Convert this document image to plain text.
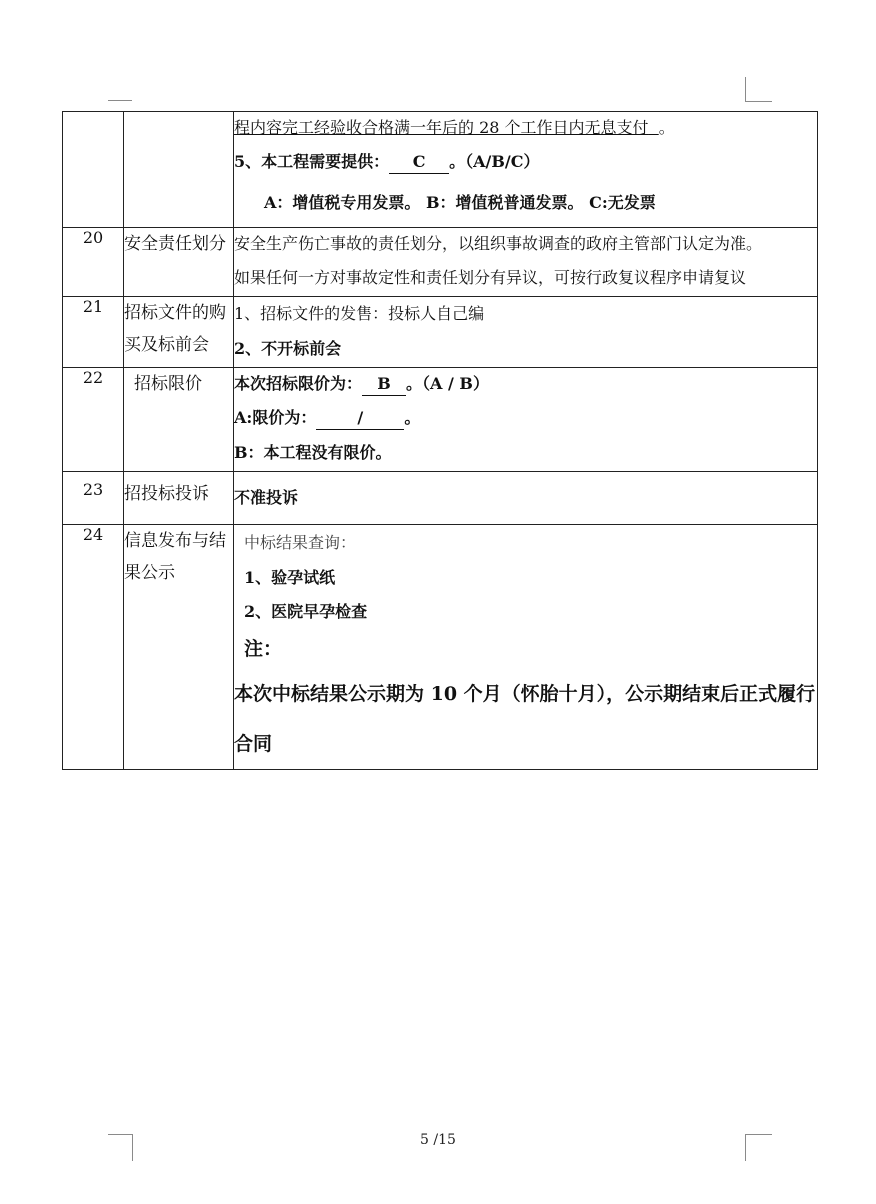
		程内容完工经验收合格满一年后的 28 个工作日内无息支付 。
5、本工程需要提供： C 。（A/B/C）
A：增值税专用发票。 B：增值税普通发票。 C:无发票

20	安全责任划分	安全生产伤亡事故的责任划分，以组织事故调查的政府主管部门认定为准。
如果任何一方对事故定性和责任划分有异议，可按行政复议程序申请复议

21	招标文件的购买及标前会	1、招标文件的发售：投标人自己编
2、不开标前会

22	招标限价	本次招标限价为： B 。（A / B）
A:限价为： / 。
B：本工程没有限价。

23	招投标投诉	不准投诉

24	信息发布与结果公示	中标结果查询：
1、验孕试纸
2、医院早孕检查
注：
本次中标结果公示期为 10 个月（怀胎十月），公示期结束后正式履行合同
5 /15
